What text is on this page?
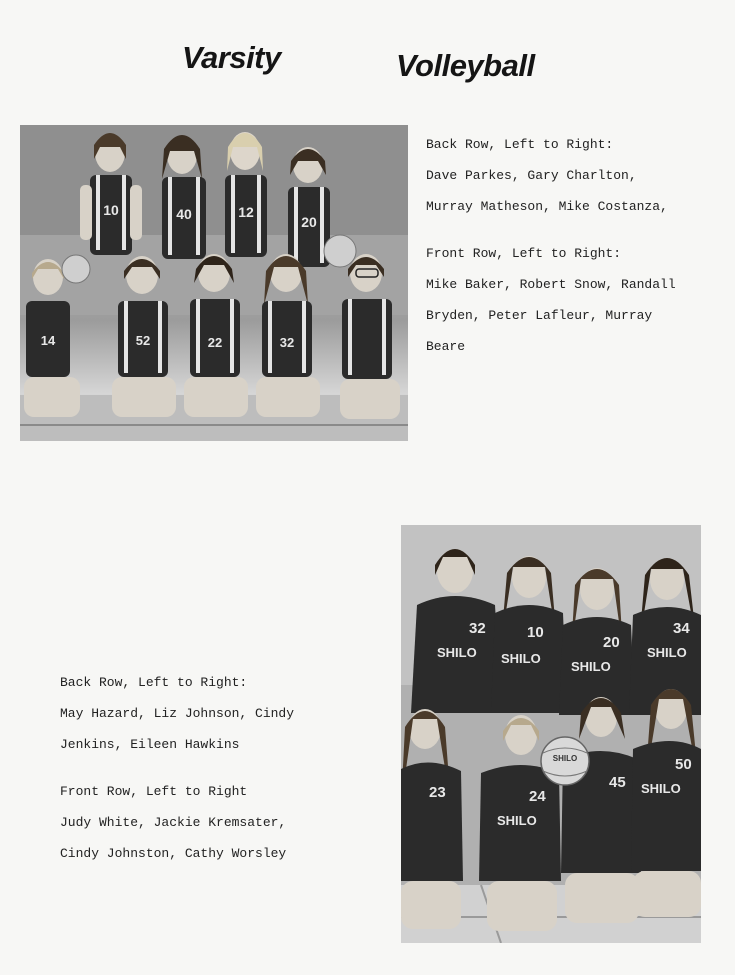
Varsity	Volleyball
10	40	12
20
14	52	22	32

Back Row, Left to Right:

Dave Parkes, Gary Charlton,

Murray Matheson, Mike Costanza,

Front Row, Left to Right:

Mike Baker, Robert Snow, Randall

Bryden, Peter Lafleur, Murray

Beare

32
SHILO
10
SHILO
20
SHILO
34
SHILO
23	24
SHILO
45
50
SHILO
SHILO

Back Row, Left to Right:

May Hazard, Liz Johnson, Cindy

Jenkins, Eileen Hawkins

Front Row, Left to Right

Judy White, Jackie Kremsater,

Cindy Johnston, Cathy Worsley
